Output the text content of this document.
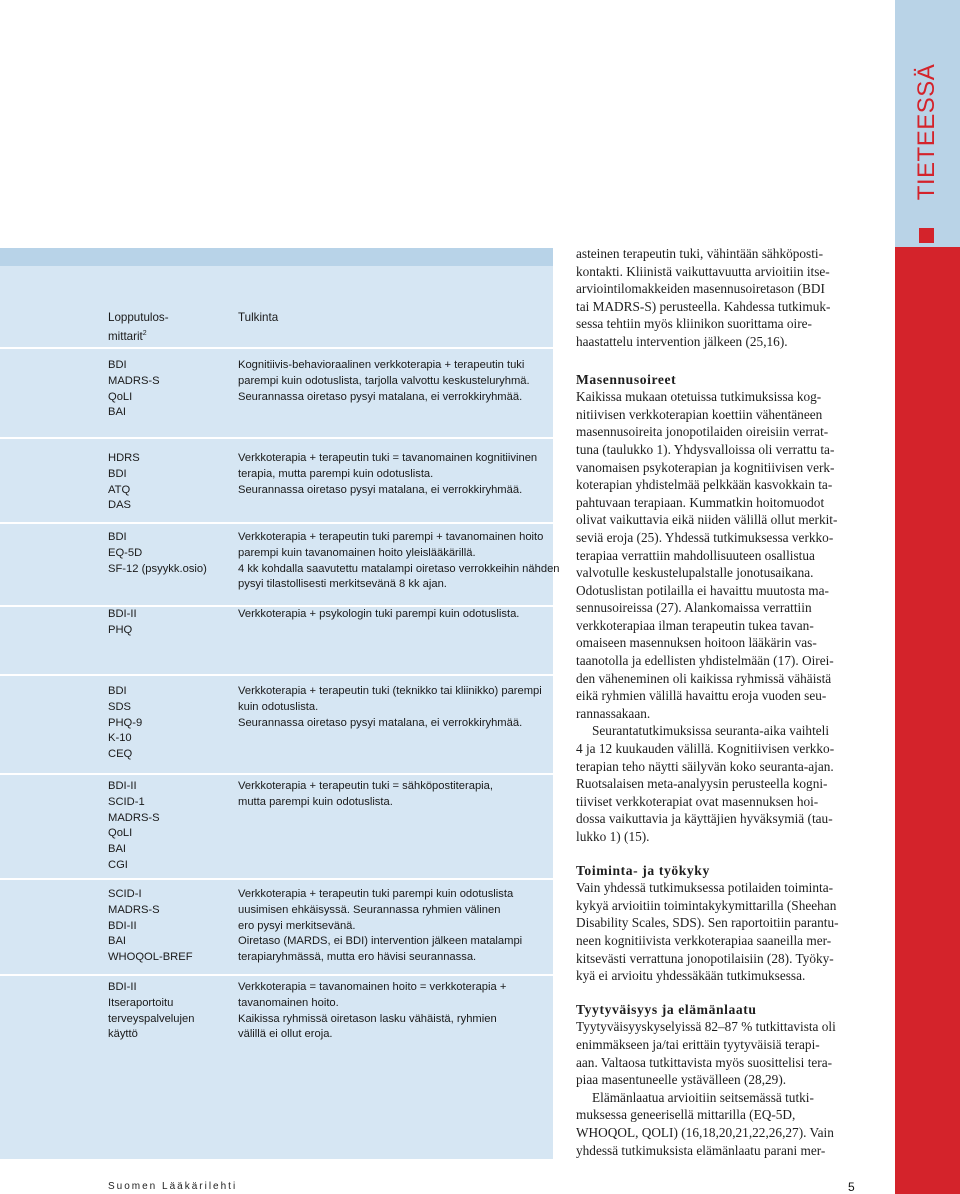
TIETEESSÄ
Lopputulos-
mittarit$^2$
Tulkinta
BDI
MADRS-S
QoLI
BAI
Kognitiivis-behavioraalinen verkkoterapia + terapeutin tuki
parempi kuin odotuslista, tarjolla valvottu keskusteluryhmä.
Seurannassa oiretaso pysyi matalana, ei verrokkiryhmää.
HDRS
BDI
ATQ
DAS
Verkkoterapia + terapeutin tuki = tavanomainen kognitiivinen
terapia, mutta parempi kuin odotuslista.
Seurannassa oiretaso pysyi matalana, ei verrokkiryhmää.
BDI
EQ-5D
SF-12 (psyykk.osio)
Verkkoterapia + terapeutin tuki parempi + tavanomainen hoito
parempi kuin tavanomainen hoito yleislääkärillä.
4 kk kohdalla saavutettu matalampi oiretaso verrokkeihin nähden
pysyi tilastollisesti merkitsevänä 8 kk ajan.
BDI-II
PHQ
Verkkoterapia + psykologin tuki parempi kuin odotuslista.
BDI
SDS
PHQ-9
K-10
CEQ
Verkkoterapia + terapeutin tuki (teknikko tai kliinikko) parempi
kuin odotuslista.
Seurannassa oiretaso pysyi matalana, ei verrokkiryhmää.
BDI-II
SCID-1
MADRS-S
QoLI
BAI
CGI
Verkkoterapia + terapeutin tuki = sähköpostiterapia,
mutta parempi kuin odotuslista.
SCID-I
MADRS-S
BDI-II
BAI
WHOQOL-BREF
Verkkoterapia + terapeutin tuki parempi kuin odotuslista
uusimisen ehkäisyssä. Seurannassa ryhmien välinen
ero pysyi merkitsevänä.
Oiretaso (MARDS, ei BDI) intervention jälkeen matalampi
terapiaryhmässä, mutta ero hävisi seurannassa.
BDI-II
Itseraportoitu
terveyspalvelujen
käyttö
Verkkoterapia = tavanomainen hoito = verkkoterapia +
tavanomainen hoito.
Kaikissa ryhmissä oiretason lasku vähäistä, ryhmien
välillä ei ollut eroja.

asteinen terapeutin tuki, vähintään sähköposti-
kontakti. Kliinistä vaikuttavuutta arvioitiin itse-
arviointilomakkeiden masennusoiretason (BDI
tai MADRS-S) perusteella. Kahdessa tutkimuk-
sessa tehtiin myös kliinikon suorittama oire-
haastattelu intervention jälkeen (25,16).

Masennusoireet

Kaikissa mukaan otetuissa tutkimuksissa kog-
nitiivisen verkkoterapian koettiin vähentäneen
masennusoireita jonopotilaiden oireisiin verrat-
tuna (taulukko 1). Yhdysvalloissa oli verrattu ta-
vanomaisen psykoterapian ja kognitiivisen verk-
koterapian yhdistelmää pelkkään kasvokkain ta-
pahtuvaan terapiaan. Kummatkin hoitomuodot
olivat vaikuttavia eikä niiden välillä ollut merkit-
seviä eroja (25). Yhdessä tutkimuksessa verkko-
terapiaa verrattiin mahdollisuuteen osallistua
valvotulle keskustelupalstalle jonotusaikana.
Odotuslistan potilailla ei havaittu muutosta ma-
sennusoireissa (27). Alankomaissa verrattiin
verkkoterapiaa ilman terapeutin tukea tavan-
omaiseen masennuksen hoitoon lääkärin vas-
taanotolla ja edellisten yhdistelmään (17). Oirei-
den väheneminen oli kaikissa ryhmissä vähäistä
eikä ryhmien välillä havaittu eroja vuoden seu-
rannassakaan.

Seurantatutkimuksissa seuranta-aika vaihteli
4 ja 12 kuukauden välillä. Kognitiivisen verkko-
terapian teho näytti säilyvän koko seuranta-ajan.
Ruotsalaisen meta-analyysin perusteella kogni-
tiiviset verkkoterapiat ovat masennuksen hoi-
dossa vaikuttavia ja käyttäjien hyväksymiä (tau-
lukko 1) (15).

Toiminta- ja työkyky

Vain yhdessä tutkimuksessa potilaiden toiminta-
kykyä arvioitiin toimintakykymittarilla (Sheehan
Disability Scales, SDS). Sen raportoitiin parantu-
neen kognitiivista verkkoterapiaa saaneilla mer-
kitsevästi verrattuna jonopotilaisiin (28). Työky-
kyä ei arvioitu yhdessäkään tutkimuksessa.

Tyytyväisyys ja elämänlaatu

Tyytyväisyyskyselyissä 82–87 % tutkittavista oli
enimmäkseen ja/tai erittäin tyytyväisiä terapi-
aan. Valtaosa tutkittavista myös suosittelisi tera-
piaa masentuneelle ystävälleen (28,29).

Elämänlaatua arvioitiin seitsemässä tutki-
muksessa geneerisellä mittarilla (EQ-5D,
WHOQOL, QOLI) (16,18,20,21,22,26,27). Vain
yhdessä tutkimuksista elämänlaatu parani mer-

Suomen Lääkärilehti	5
